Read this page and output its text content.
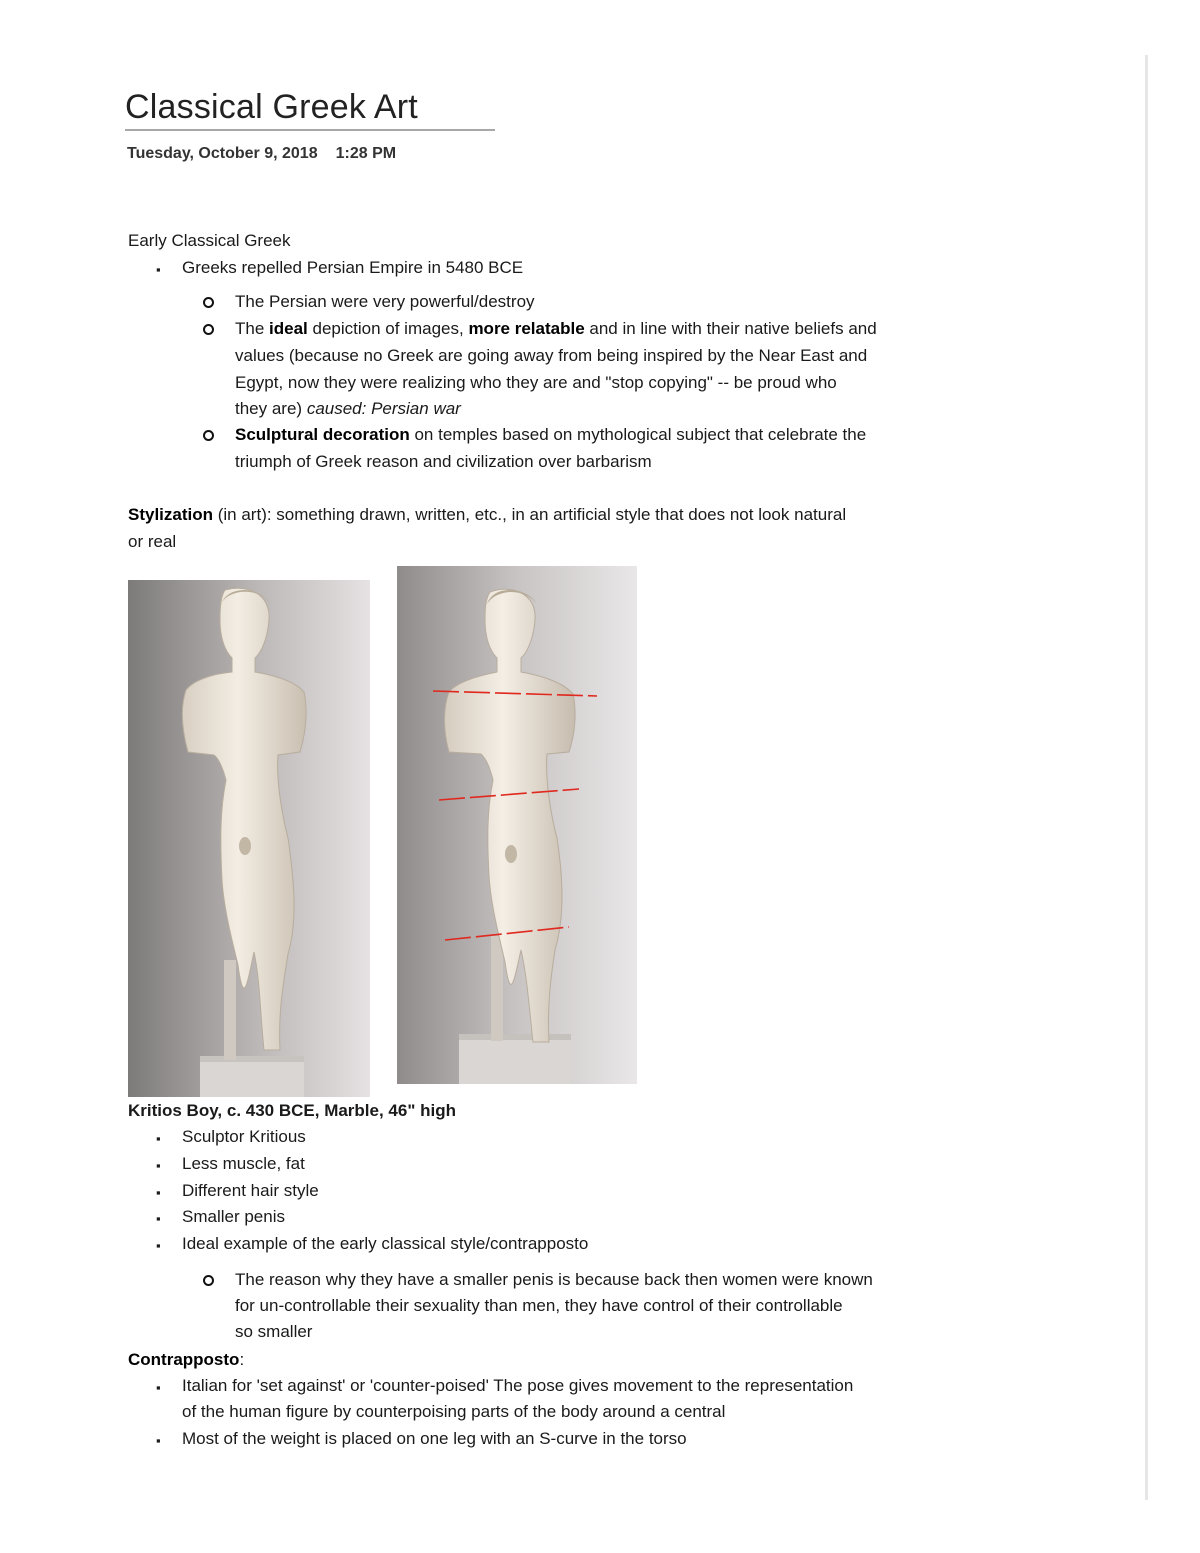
Classical Greek Art
Tuesday, October 9, 2018 1:28 PM
Early Classical Greek
▪ Greeks repelled Persian Empire in 5480 BCE
The Persian were very powerful/destroy
The ideal depiction of images, more relatable and in line with their native beliefs and
values (because no Greek are going away from being inspired by the Near East and
Egypt, now they were realizing who they are and "stop copying" -- be proud who
they are) caused: Persian war
Sculptural decoration on temples based on mythological subject that celebrate the
triumph of Greek reason and civilization over barbarism
Stylization (in art): something drawn, written, etc., in an artificial style that does not look natural
or real
Kritios Boy, c. 430 BCE, Marble, 46" high
▪ Sculptor Kritious
▪ Less muscle, fat
▪ Different hair style
▪ Smaller penis
▪ Ideal example of the early classical style/contrapposto
The reason why they have a smaller penis is because back then women were known
for un-controllable their sexuality than men, they have control of their controllable
so smaller
Contrapposto:
▪ Italian for 'set against' or 'counter-poised' The pose gives movement to the representation
of the human figure by counterpoising parts of the body around a central
▪ Most of the weight is placed on one leg with an S-curve in the torso
